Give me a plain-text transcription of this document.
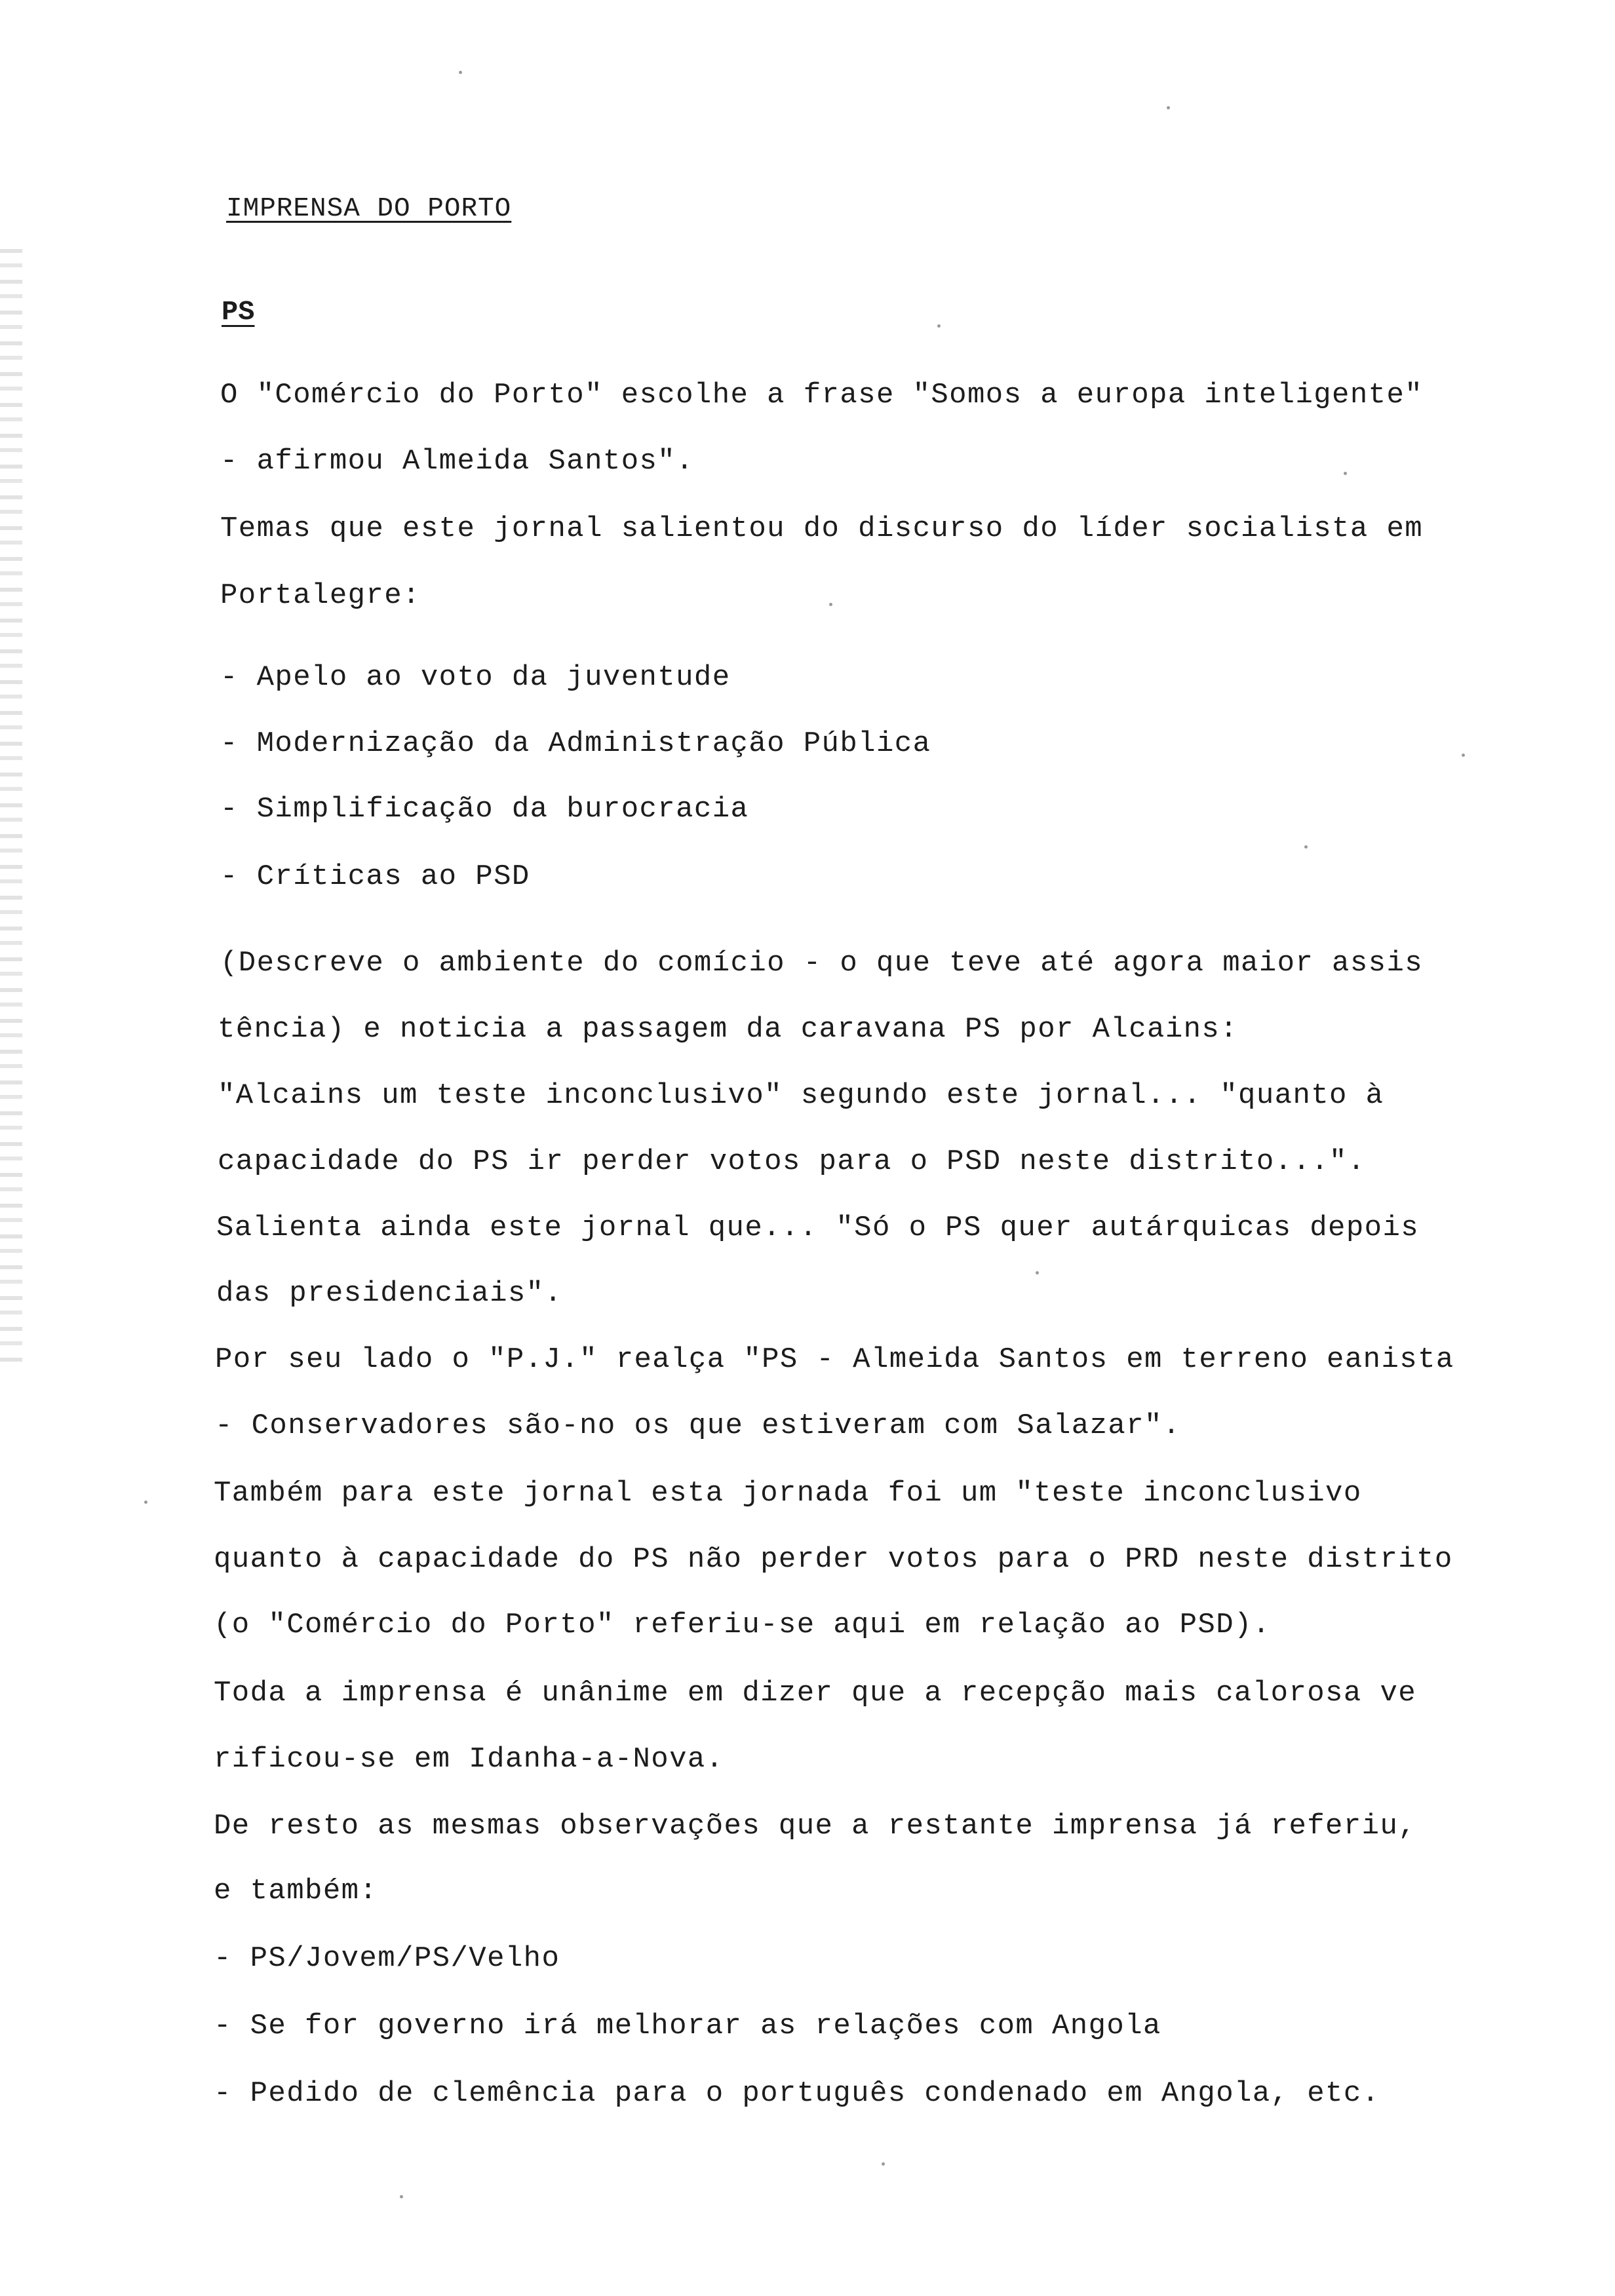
IMPRENSA DO PORTO
PS
O "Comércio do Porto" escolhe a frase "Somos a europa inteligente"
- afirmou Almeida Santos".
Temas que este jornal salientou do discurso do líder socialista em
Portalegre:
- Apelo ao voto da juventude
- Modernização da Administração Pública
- Simplificação da burocracia
- Críticas ao PSD
(Descreve o ambiente do comício - o que teve até agora maior assis
tência) e noticia a passagem da caravana PS por Alcains:
"Alcains um teste inconclusivo" segundo este jornal... "quanto à
capacidade do PS ir perder votos para o PSD neste distrito...".
Salienta ainda este jornal que... "Só o PS quer autárquicas depois
das presidenciais".
Por seu lado o "P.J." realça "PS - Almeida Santos em terreno eanista
- Conservadores são-no os que estiveram com Salazar".
Também para este jornal esta jornada foi um "teste inconclusivo
quanto à capacidade do PS não perder votos para o PRD neste distrito
(o "Comércio do Porto" referiu-se aqui em relação ao PSD).
Toda a imprensa é unânime em dizer que a recepção mais calorosa ve
rificou-se em Idanha-a-Nova.
De resto as mesmas observações que a restante imprensa já referiu,
e também:
- PS/Jovem/PS/Velho
- Se for governo irá melhorar as relações com Angola
- Pedido de clemência para o português condenado em Angola, etc.
